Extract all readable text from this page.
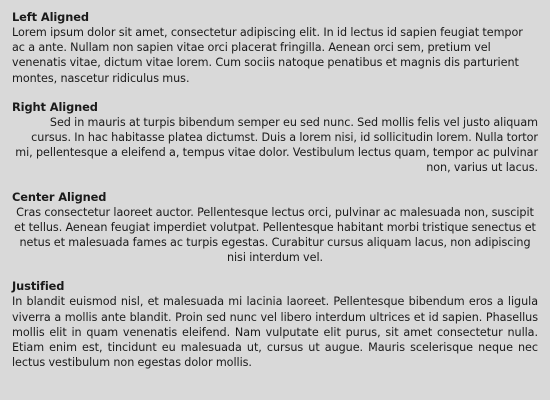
Left Aligned

Lorem ipsum dolor sit amet, consectetur adipiscing elit. In id lectus id sapien feugiat tempor ac a ante. Nullam non sapien vitae orci placerat fringilla. Aenean orci sem, pretium vel venenatis vitae, dictum vitae lorem. Cum sociis natoque penatibus et magnis dis parturient montes, nascetur ridiculus mus.

Right Aligned

Sed in mauris at turpis bibendum semper eu sed nunc. Sed mollis felis vel justo aliquam cursus. In hac habitasse platea dictumst. Duis a lorem nisi, id sollicitudin lorem. Nulla tortor mi, pellentesque a eleifend a, tempus vitae dolor. Vestibulum lectus quam, tempor ac pulvinar non, varius ut lacus.

Center Aligned

Cras consectetur laoreet auctor. Pellentesque lectus orci, pulvinar ac malesuada non, suscipit et tellus. Aenean feugiat imperdiet volutpat. Pellentesque habitant morbi tristique senectus et netus et malesuada fames ac turpis egestas. Curabitur cursus aliquam lacus, non adipiscing nisi interdum vel.

Justified

In blandit euismod nisl, et malesuada mi lacinia laoreet. Pellentesque bibendum eros a ligula viverra a mollis ante blandit. Proin sed nunc vel libero interdum ultrices et id sapien. Phasellus mollis elit in quam venenatis eleifend. Nam vulputate elit purus, sit amet consectetur nulla. Etiam enim est, tincidunt eu malesuada ut, cursus ut augue. Mauris scelerisque neque nec lectus vestibulum non egestas dolor mollis.
